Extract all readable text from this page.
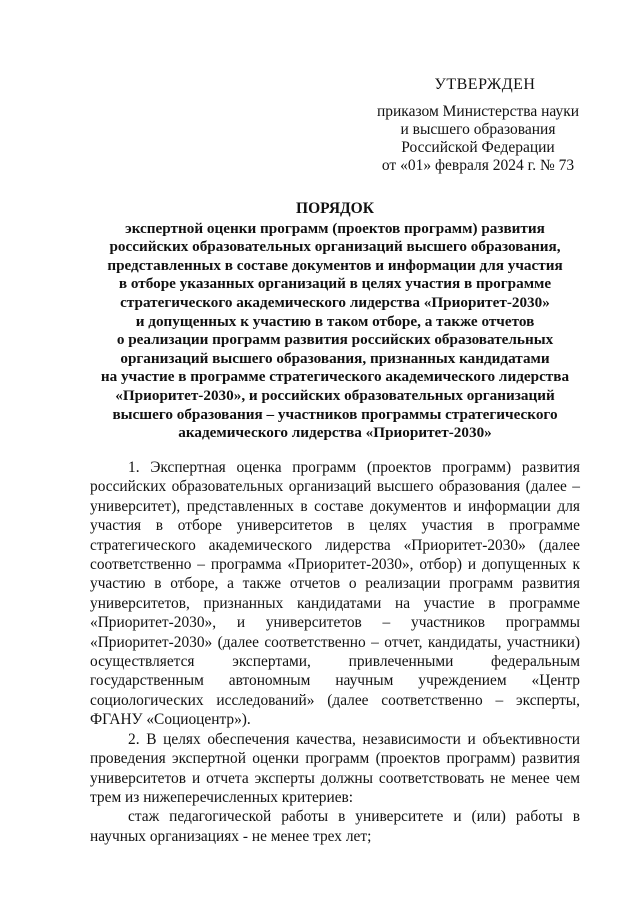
УТВЕРЖДЕН
приказом Министерства науки
и высшего образования
Российской Федерации
от «01» февраля 2024 г. № 73
ПОРЯДОК
экспертной оценки программ (проектов программ) развития
российских образовательных организаций высшего образования,
представленных в составе документов и информации для участия
в отборе указанных организаций в целях участия в программе
стратегического академического лидерства «Приоритет-2030»
и допущенных к участию в таком отборе, а также отчетов
о реализации программ развития российских образовательных
организаций высшего образования, признанных кандидатами
на участие в программе стратегического академического лидерства
«Приоритет-2030», и российских образовательных организаций
высшего образования – участников программы стратегического
академического лидерства «Приоритет-2030»

1. Экспертная оценка программ (проектов программ) развития российских образовательных организаций высшего образования (далее – университет), представленных в составе документов и информации для участия в отборе университетов в целях участия в программе стратегического академического лидерства «Приоритет-2030» (далее соответственно – программа «Приоритет-2030», отбор) и допущенных к участию в отборе, а также отчетов о реализации программ развития университетов, признанных кандидатами на участие в программе «Приоритет-2030», и университетов – участников программы «Приоритет-2030» (далее соответственно – отчет, кандидаты, участники) осуществляется экспертами, привлеченными федеральным государственным автономным научным учреждением «Центр социологических исследований» (далее соответственно – эксперты, ФГАНУ «Социоцентр»).

2. В целях обеспечения качества, независимости и объективности проведения экспертной оценки программ (проектов программ) развития университетов и отчета эксперты должны соответствовать не менее чем трем из нижеперечисленных критериев:

стаж педагогической работы в университете и (или) работы в научных организациях - не менее трех лет;
